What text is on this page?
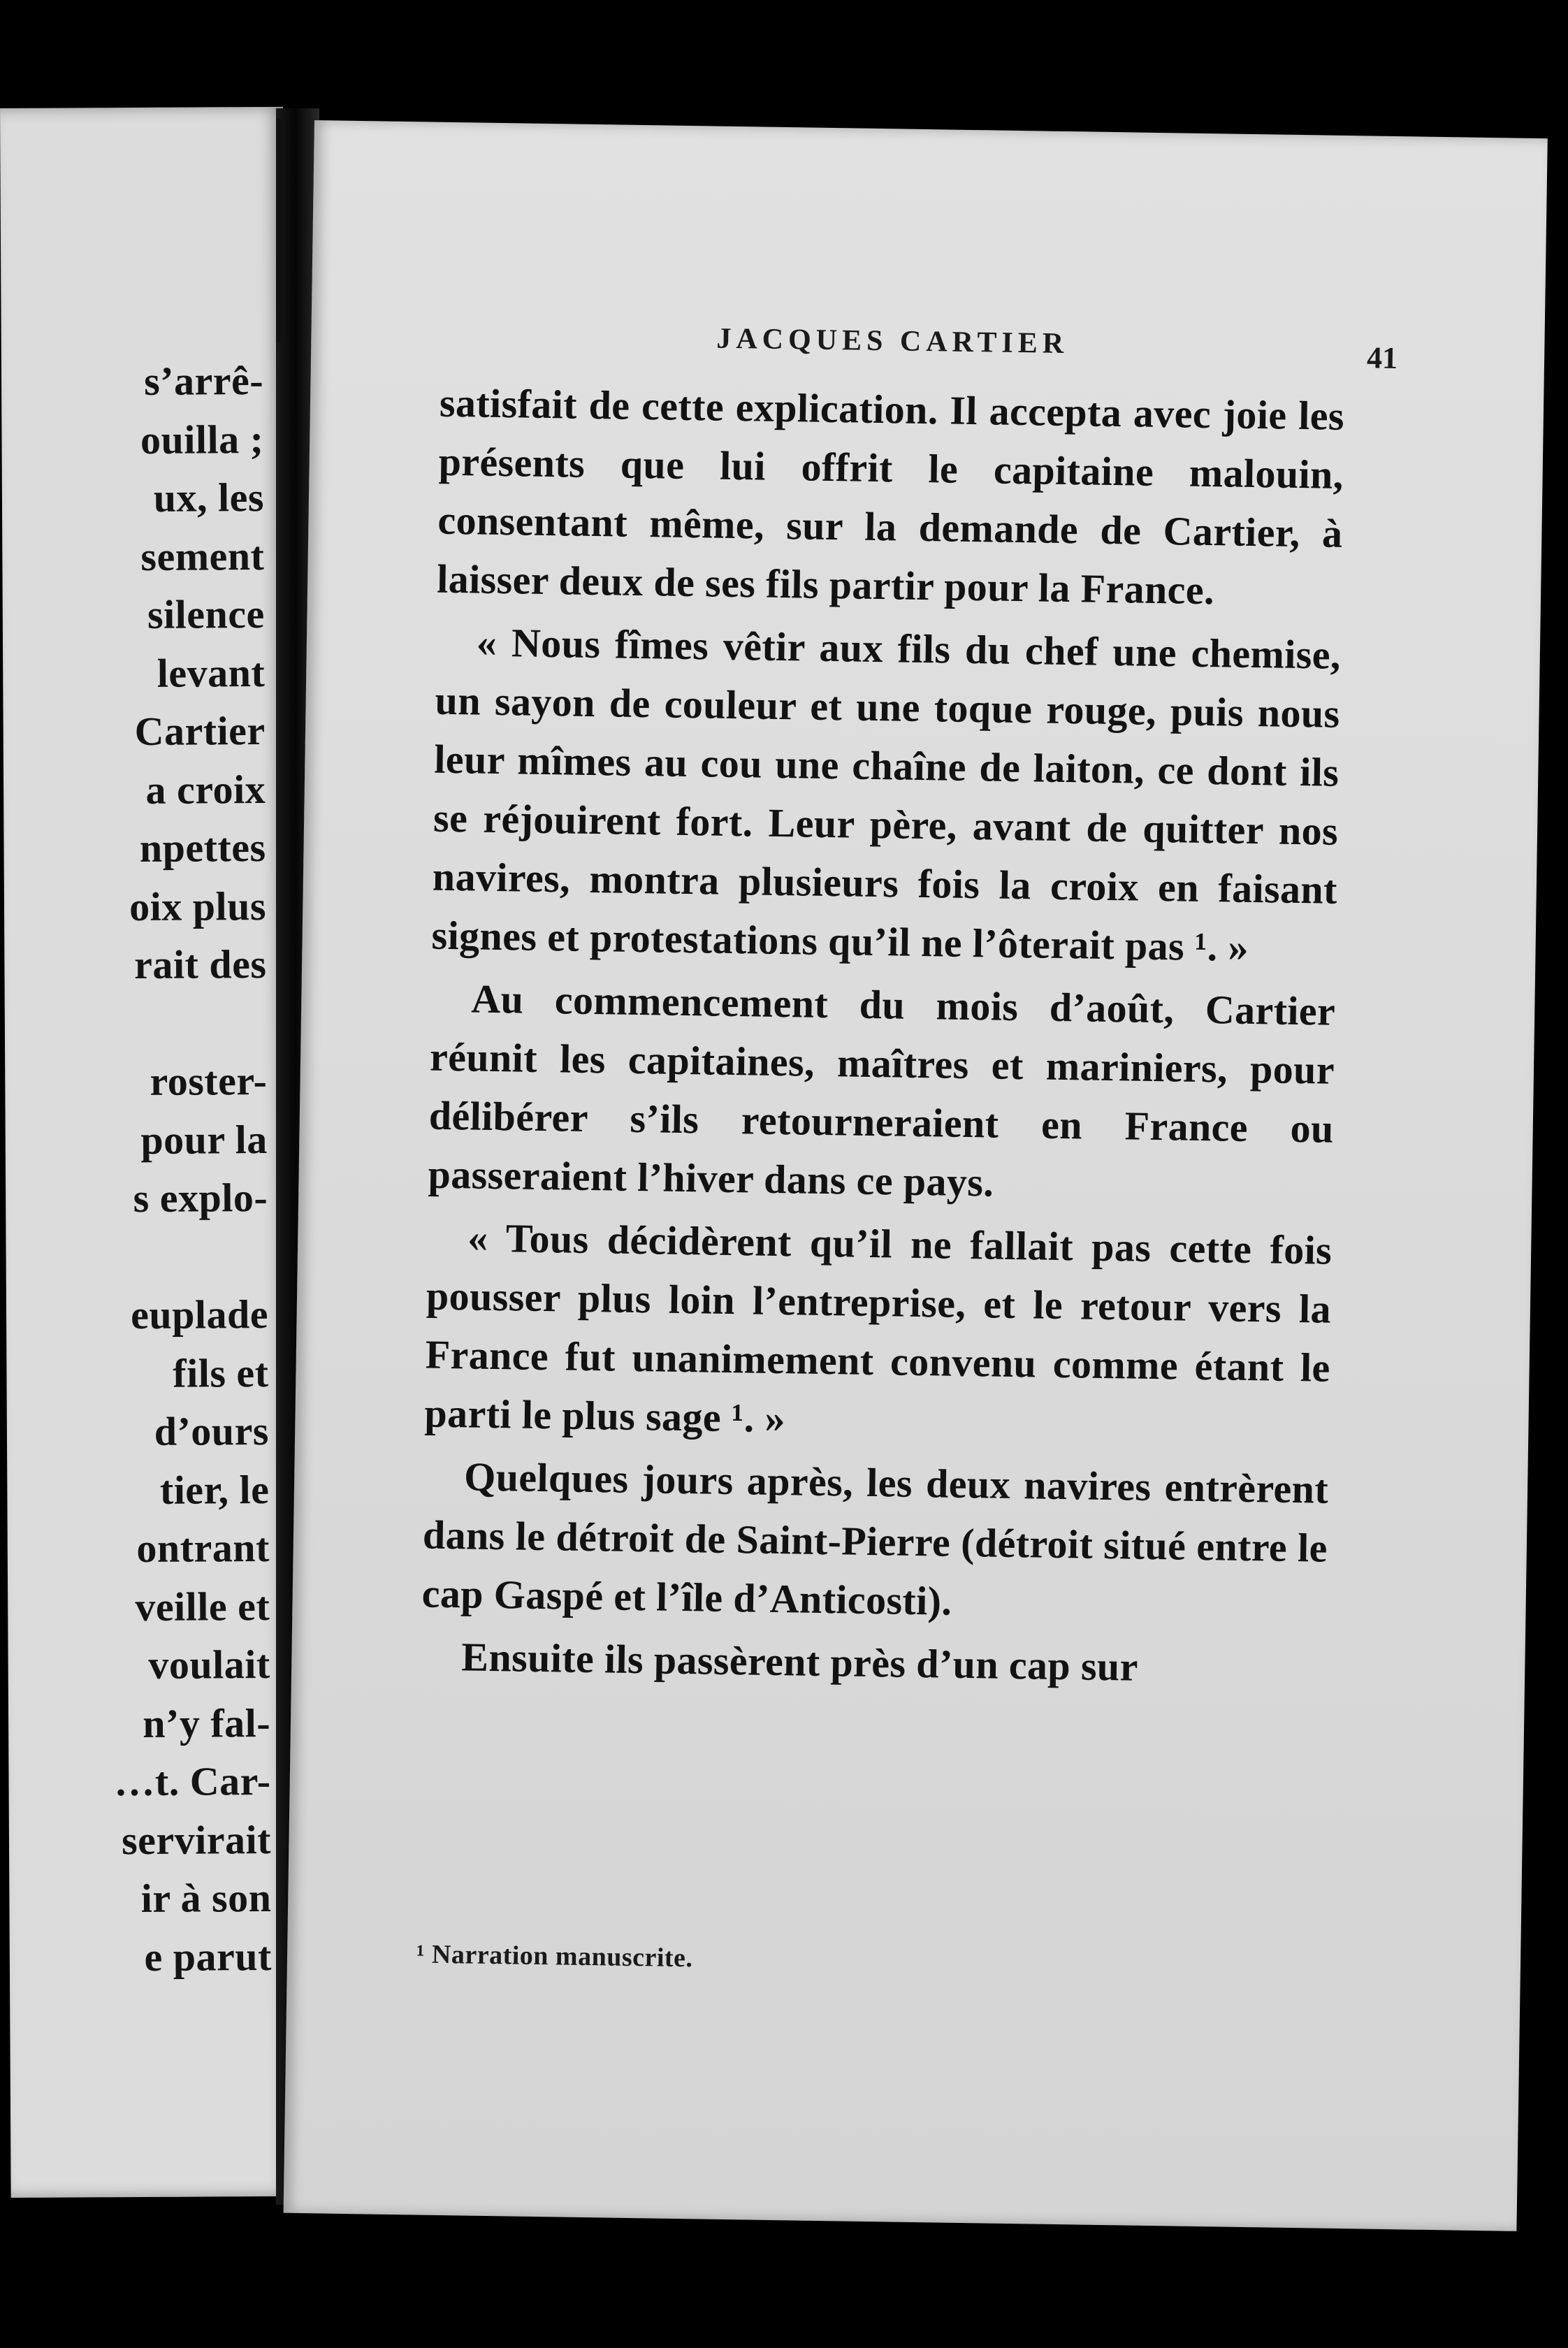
s’arrê-
ouilla ;
ux, les
sement
silence
levant
Cartier
a croix
npettes
oix plus
rait des
roster-
pour la
s explo-
euplade
fils et
d’ours
tier, le
ontrant
veille et
voulait
n’y fal-
…t. Car-
servirait
ir à son
e parut
JACQUES CARTIER	41

satisfait de cette explication. Il accepta avec joie les présents que lui offrit le capitaine malouin, consentant même, sur la demande de Cartier, à laisser deux de ses fils partir pour la France.

« Nous fîmes vêtir aux fils du chef une chemise, un sayon de couleur et une toque rouge, puis nous leur mîmes au cou une chaîne de laiton, ce dont ils se réjouirent fort. Leur père, avant de quitter nos navires, montra plusieurs fois la croix en faisant signes et protestations qu’il ne l’ôterait pas ¹. »

Au commencement du mois d’août, Cartier réunit les capitaines, maîtres et mariniers, pour délibérer s’ils retourneraient en France ou passeraient l’hiver dans ce pays.

« Tous décidèrent qu’il ne fallait pas cette fois pousser plus loin l’entreprise, et le retour vers la France fut unanimement convenu comme étant le parti le plus sage ¹. »

Quelques jours après, les deux navires entrèrent dans le détroit de Saint-Pierre (détroit situé entre le cap Gaspé et l’île d’Anticosti).

Ensuite ils passèrent près d’un cap sur

¹ Narration manuscrite.
